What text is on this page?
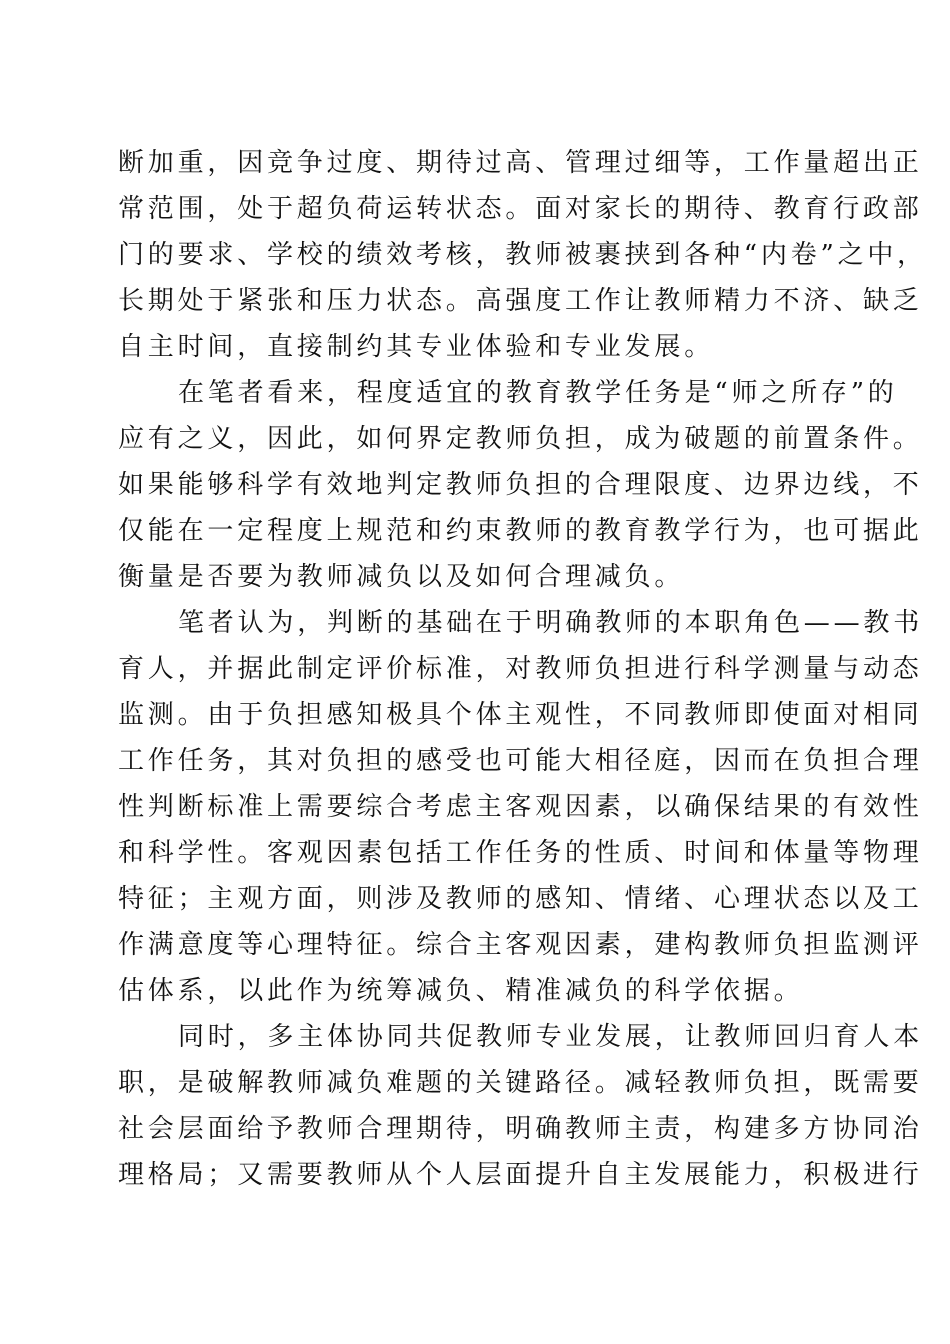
断加重，因竞争过度、期待过高、管理过细等，工作量超出正
常范围，处于超负荷运转状态。面对家长的期待、教育行政部
门的要求、学校的绩效考核，教师被裹挟到各种“内卷”之中，
长期处于紧张和压力状态。高强度工作让教师精力不济、缺乏
自主时间，直接制约其专业体验和专业发展。
在笔者看来，程度适宜的教育教学任务是“师之所存”的
应有之义，因此，如何界定教师负担，成为破题的前置条件。
如果能够科学有效地判定教师负担的合理限度、边界边线，不
仅能在一定程度上规范和约束教师的教育教学行为，也可据此
衡量是否要为教师减负以及如何合理减负。
笔者认为，判断的基础在于明确教师的本职角色——教书
育人，并据此制定评价标准，对教师负担进行科学测量与动态
监测。由于负担感知极具个体主观性，不同教师即使面对相同
工作任务，其对负担的感受也可能大相径庭，因而在负担合理
性判断标准上需要综合考虑主客观因素，以确保结果的有效性
和科学性。客观因素包括工作任务的性质、时间和体量等物理
特征；主观方面，则涉及教师的感知、情绪、心理状态以及工
作满意度等心理特征。综合主客观因素，建构教师负担监测评
估体系，以此作为统筹减负、精准减负的科学依据。
同时，多主体协同共促教师专业发展，让教师回归育人本
职，是破解教师减负难题的关键路径。减轻教师负担，既需要
社会层面给予教师合理期待，明确教师主责，构建多方协同治
理格局；又需要教师从个人层面提升自主发展能力，积极进行
